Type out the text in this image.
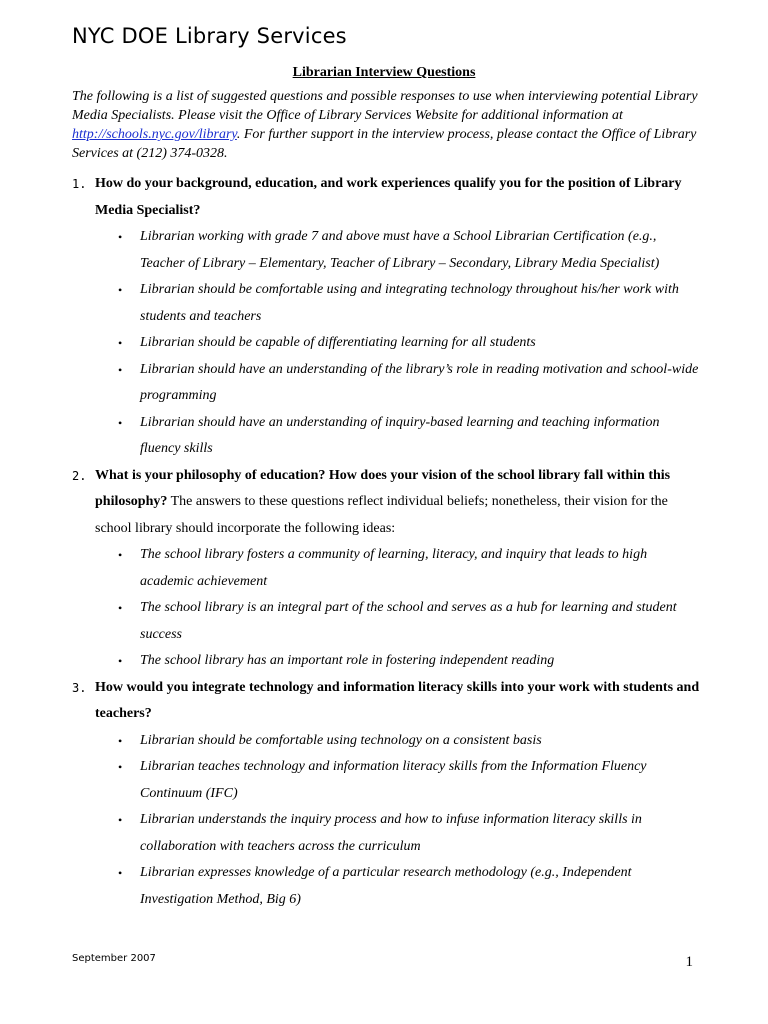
NYC DOE Library Services
Librarian Interview Questions

The following is a list of suggested questions and possible responses to use when interviewing potential Library Media Specialists. Please visit the Office of Library Services Website for additional information at http://schools.nyc.gov/library. For further support in the interview process, please contact the Office of Library Services at (212) 374-0328.

1. How do your background, education, and work experiences qualify you for the position of Library Media Specialist?
• Librarian working with grade 7 and above must have a School Librarian Certification (e.g., Teacher of Library – Elementary, Teacher of Library – Secondary, Library Media Specialist)
• Librarian should be comfortable using and integrating technology throughout his/her work with students and teachers
• Librarian should be capable of differentiating learning for all students
• Librarian should have an understanding of the library’s role in reading motivation and school-wide programming
• Librarian should have an understanding of inquiry-based learning and teaching information fluency skills
2. What is your philosophy of education? How does your vision of the school library fall within this philosophy? The answers to these questions reflect individual beliefs; nonetheless, their vision for the school library should incorporate the following ideas:
• The school library fosters a community of learning, literacy, and inquiry that leads to high academic achievement
• The school library is an integral part of the school and serves as a hub for learning and student success
• The school library has an important role in fostering independent reading
3. How would you integrate technology and information literacy skills into your work with students and teachers?
• Librarian should be comfortable using technology on a consistent basis
• Librarian teaches technology and information literacy skills from the Information Fluency Continuum (IFC)
• Librarian understands the inquiry process and how to infuse information literacy skills in collaboration with teachers across the curriculum
• Librarian expresses knowledge of a particular research methodology (e.g., Independent Investigation Method, Big 6)

September 2007	1
